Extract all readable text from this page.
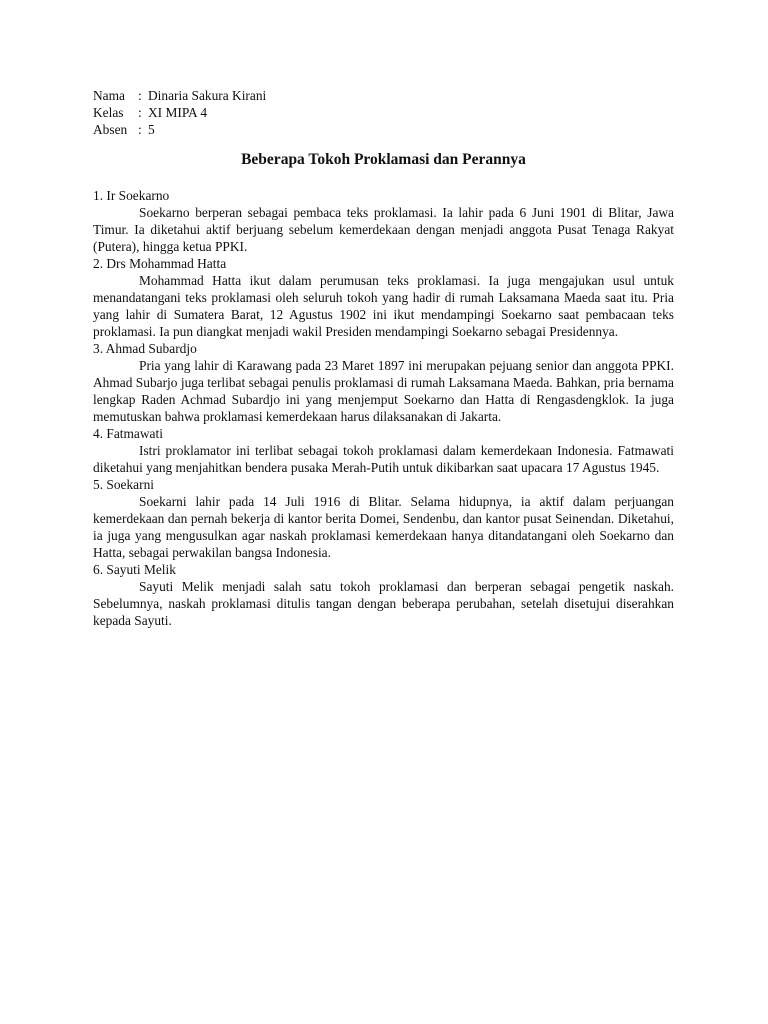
Nama : Dinaria Sakura Kirani
Kelas	: XI MIPA 4
Absen : 5
Beberapa Tokoh Proklamasi dan Perannya

1. Ir Soekarno

Soekarno berperan sebagai pembaca teks proklamasi. Ia lahir pada 6 Juni 1901 di Blitar, Jawa Timur. Ia diketahui aktif berjuang sebelum kemerdekaan dengan menjadi anggota Pusat Tenaga Rakyat (Putera), hingga ketua PPKI.

2. Drs Mohammad Hatta

Mohammad Hatta ikut dalam perumusan teks proklamasi. Ia juga mengajukan usul untuk menandatangani teks proklamasi oleh seluruh tokoh yang hadir di rumah Laksamana Maeda saat itu. Pria yang lahir di Sumatera Barat, 12 Agustus 1902 ini ikut mendampingi Soekarno saat pembacaan teks proklamasi. Ia pun diangkat menjadi wakil Presiden mendampingi Soekarno sebagai Presidennya.

3. Ahmad Subardjo

Pria yang lahir di Karawang pada 23 Maret 1897 ini merupakan pejuang senior dan anggota PPKI. Ahmad Subarjo juga terlibat sebagai penulis proklamasi di rumah Laksamana Maeda. Bahkan, pria bernama lengkap Raden Achmad Subardjo ini yang menjemput Soekarno dan Hatta di Rengasdengklok. Ia juga memutuskan bahwa proklamasi kemerdekaan harus dilaksanakan di Jakarta.

4. Fatmawati

Istri proklamator ini terlibat sebagai tokoh proklamasi dalam kemerdekaan Indonesia. Fatmawati diketahui yang menjahitkan bendera pusaka Merah-Putih untuk dikibarkan saat upacara 17 Agustus 1945.

5. Soekarni

Soekarni lahir pada 14 Juli 1916 di Blitar. Selama hidupnya, ia aktif dalam perjuangan kemerdekaan dan pernah bekerja di kantor berita Domei, Sendenbu, dan kantor pusat Seinendan. Diketahui, ia juga yang mengusulkan agar naskah proklamasi kemerdekaan hanya ditandatangani oleh Soekarno dan Hatta, sebagai perwakilan bangsa Indonesia.

6. Sayuti Melik

Sayuti Melik menjadi salah satu tokoh proklamasi dan berperan sebagai pengetik naskah. Sebelumnya, naskah proklamasi ditulis tangan dengan beberapa perubahan, setelah disetujui diserahkan kepada Sayuti.
